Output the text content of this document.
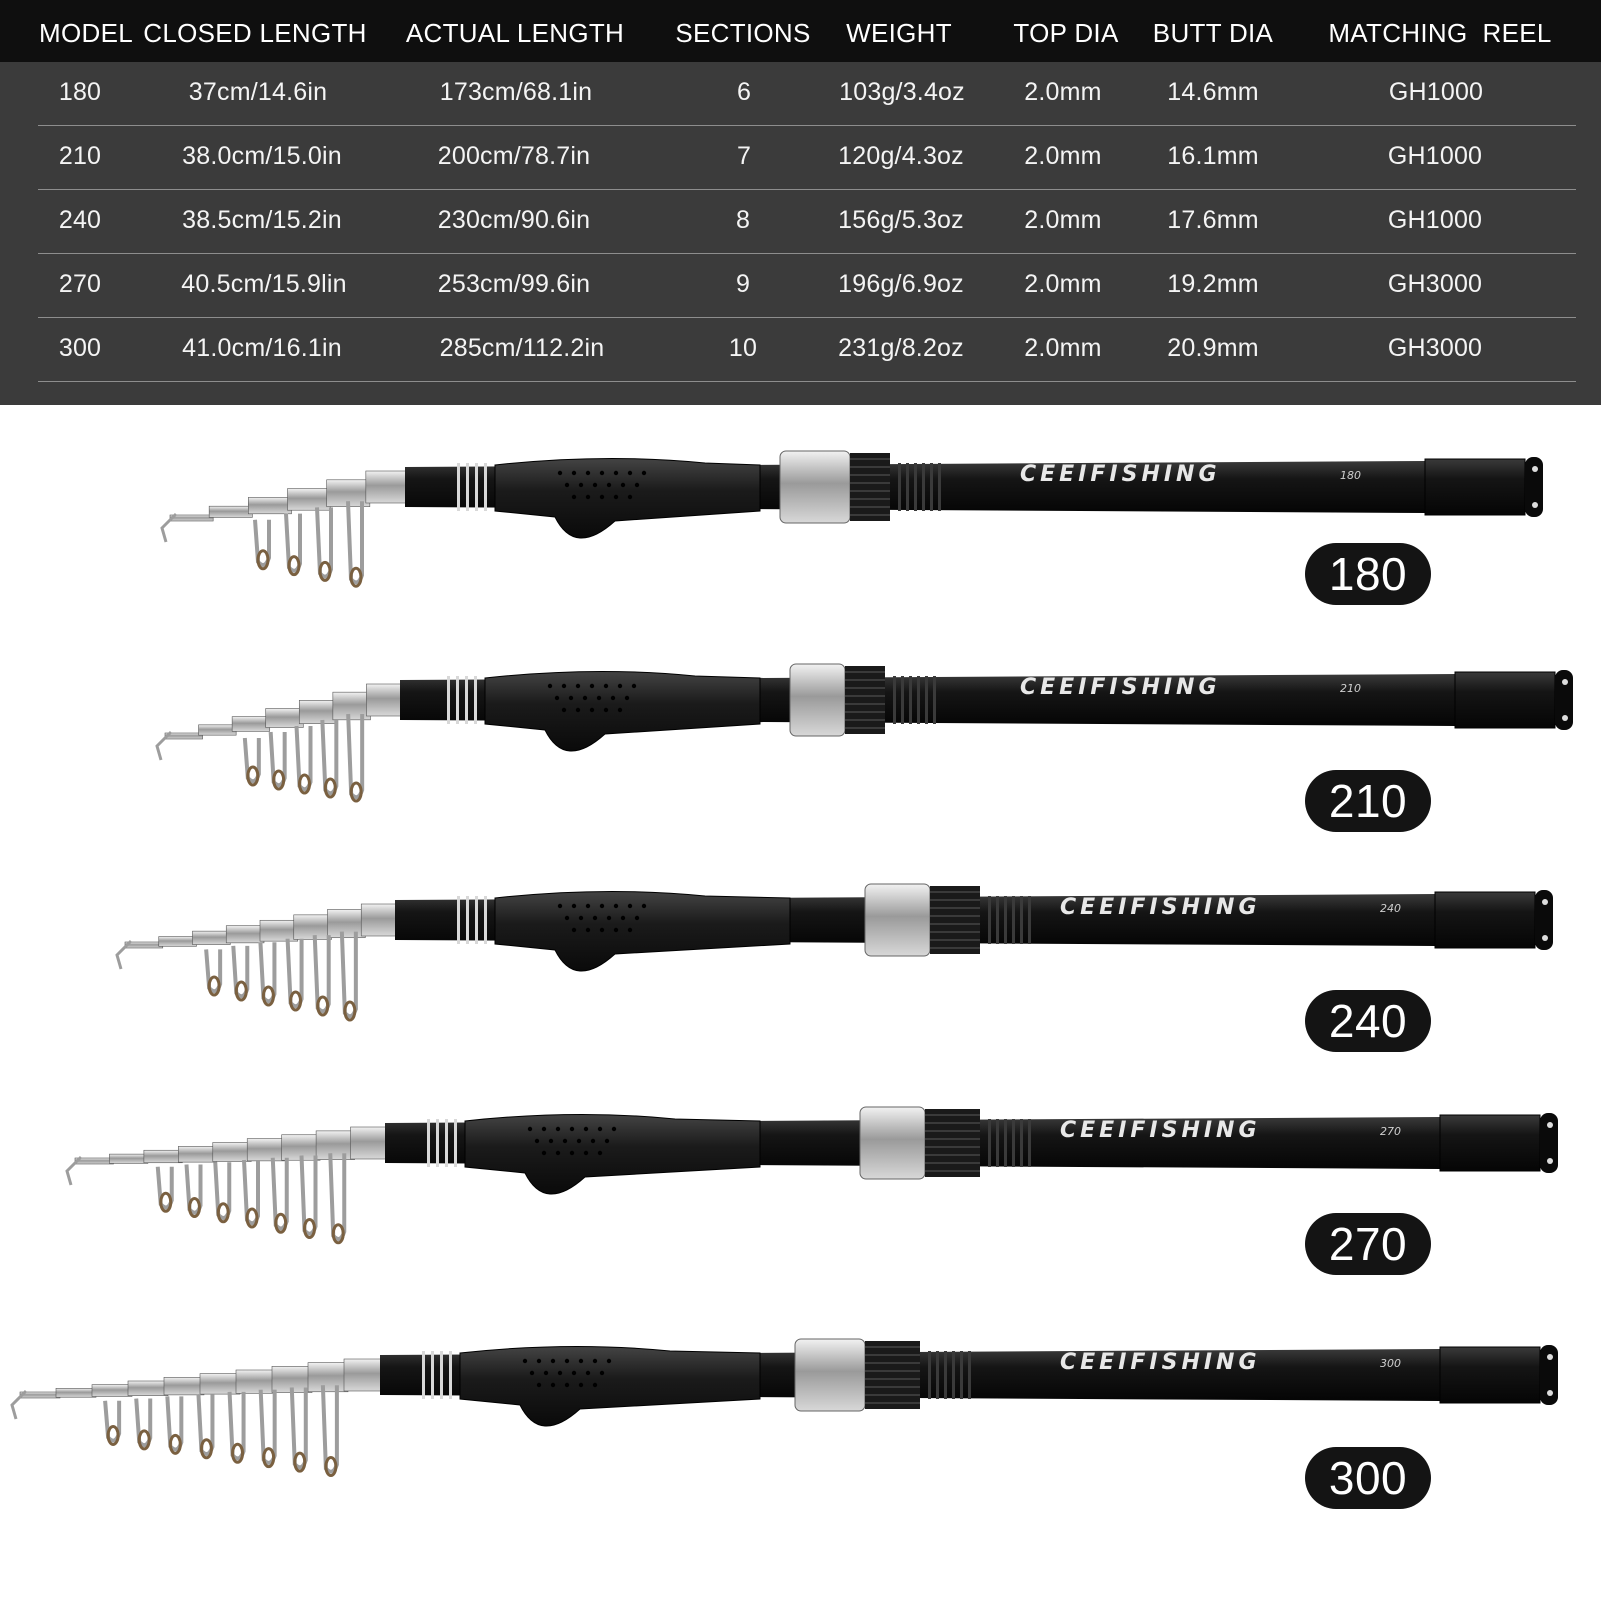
MODEL CLOSED LENGTH ACTUAL LENGTH SECTIONS WEIGHT TOP DIA BUTT DIA MATCHING  REEL
180	37cm/14.6in	173cm/68.1in	6	103g/3.4oz 2.0mm	14.6mm	GH1000
210	38.0cm/15.0in	200cm/78.7in	7	120g/4.3oz 2.0mm	16.1mm	GH1000
240	38.5cm/15.2in	230cm/90.6in	8	156g/5.3oz 2.0mm	17.6mm	GH1000
270	40.5cm/15.9lin	253cm/99.6in	9	196g/6.9oz 2.0mm	19.2mm	GH3000
300	41.0cm/16.1in	285cm/112.2in	10	231g/8.2oz 2.0mm	20.9mm	GH3000
CEEIFISHING	180
180
CEEIFISHING	210
210
CEEIFISHING	240
240
CEEIFISHING	270
270
CEEIFISHING	300
300
